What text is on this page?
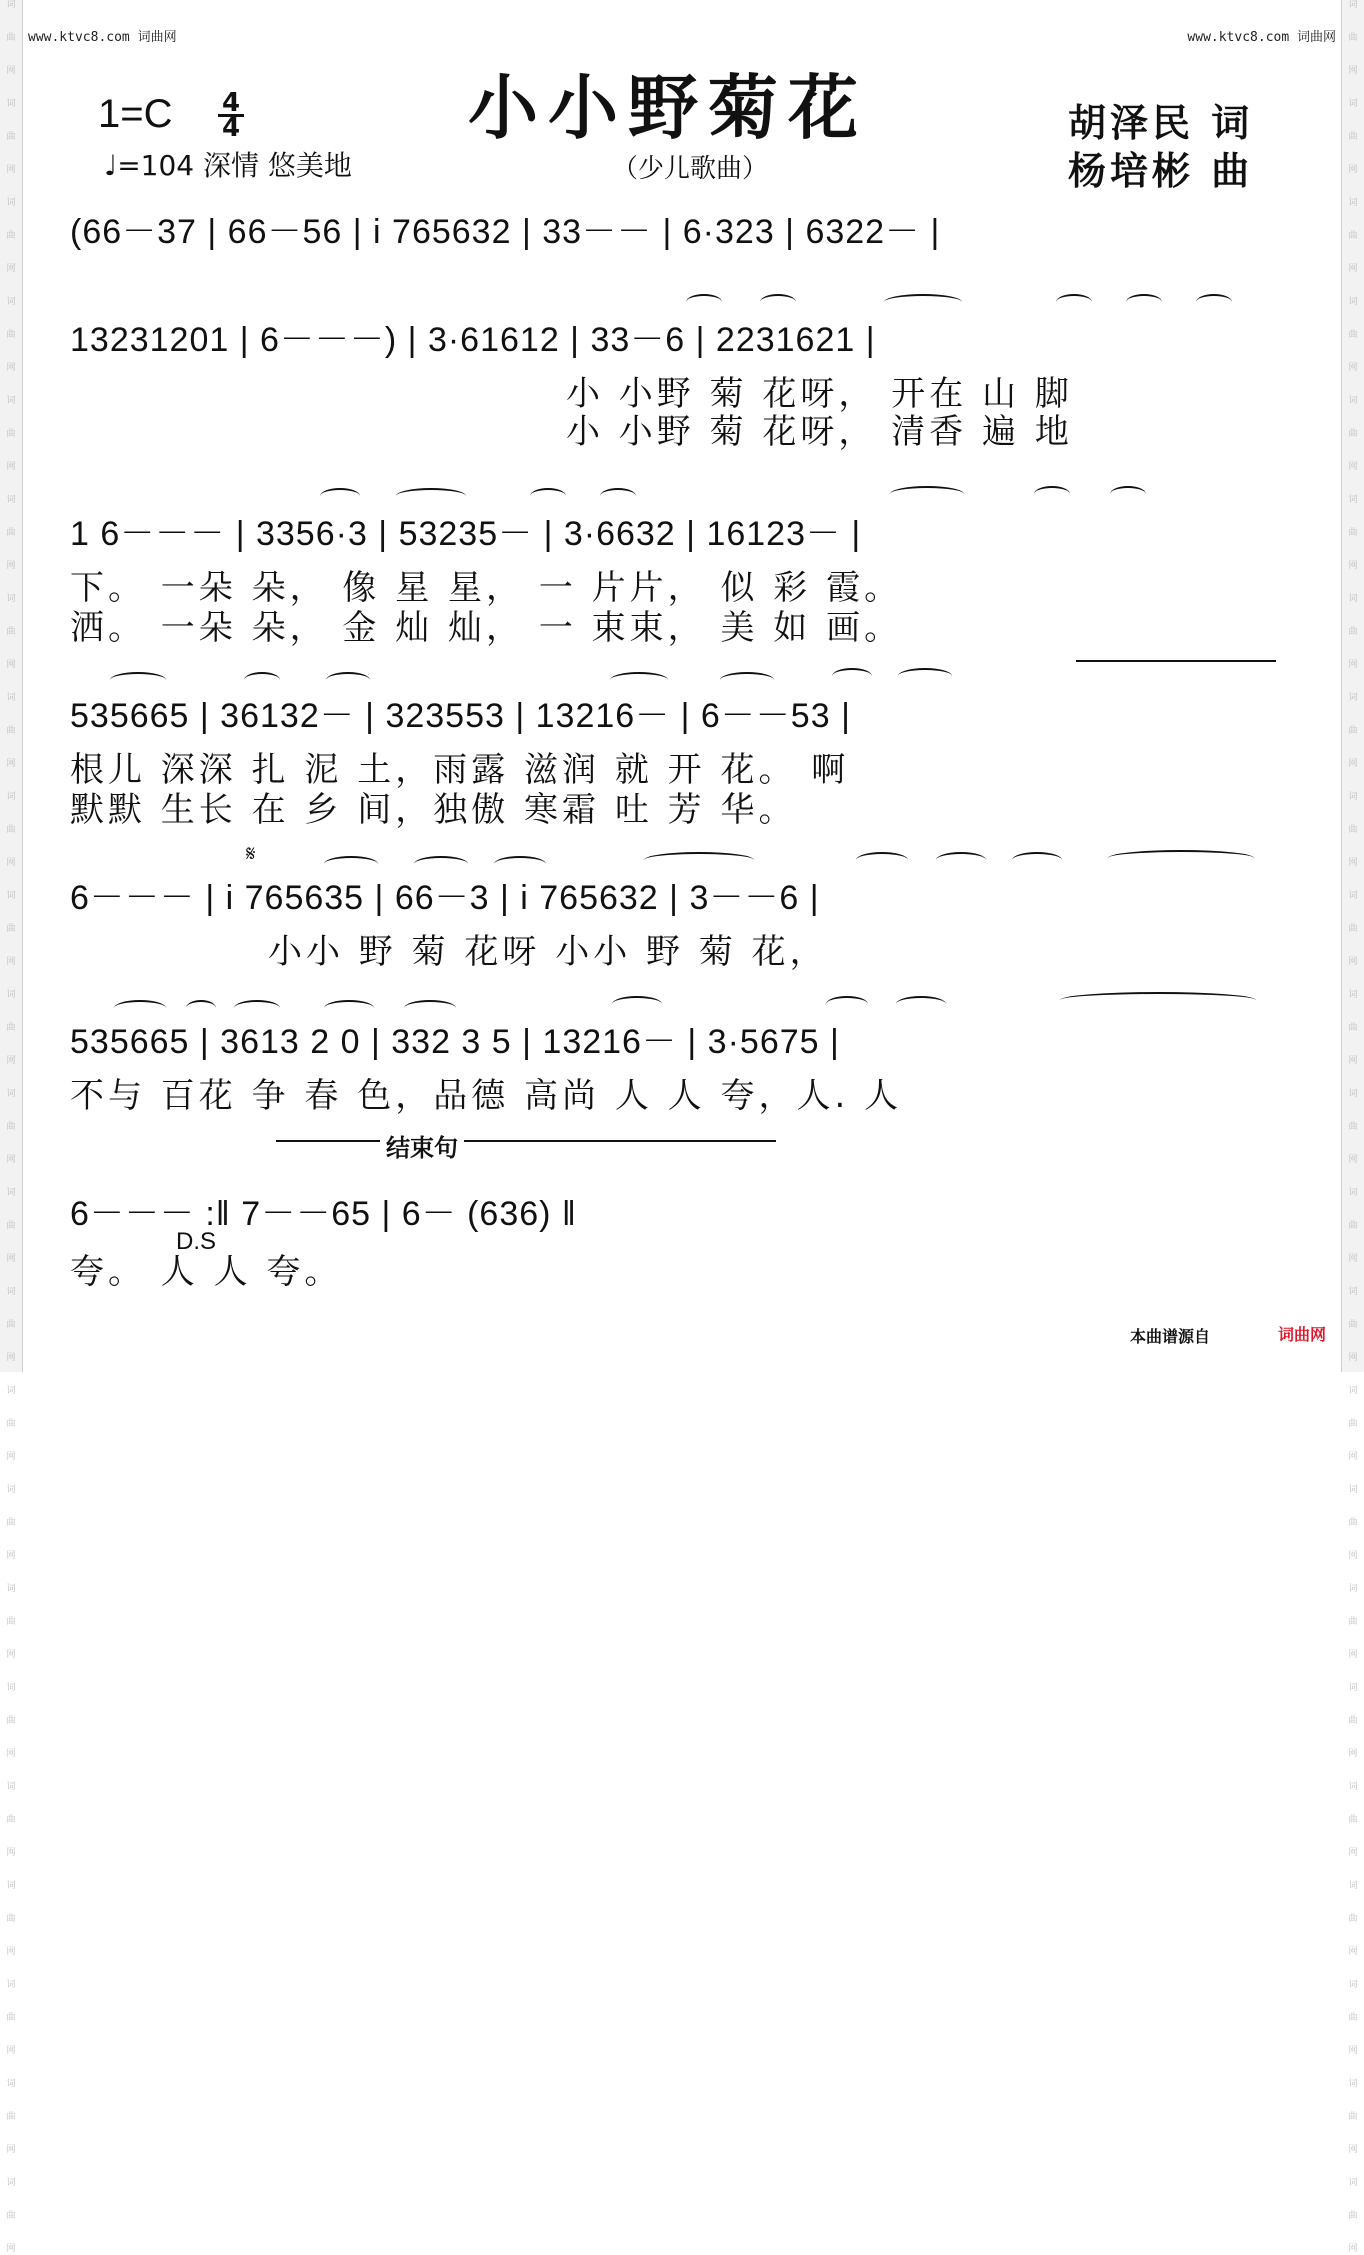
词
曲
网
词
曲
网
词
曲
网
词
曲
网
词
曲
网
词
曲
网
词
曲
网
词
曲
网
词
曲
网
词
曲
网
词
曲
网
词
曲
网
词
曲
网
词
曲
网
词
曲
网
词
曲
网
词
曲
网
词
曲
网
词
曲
网
词
曲
网
词
曲
网
词
曲
网
词
曲
网
词
曲
网
词
曲
网
词
曲
网
词
曲
网
词
曲
网
词
曲
网
词
曲
网
词
曲
网
词
曲
网
词
曲
网
词
曲
网
词
曲
网
词
曲
网
词
曲
网
词
曲
网
词
曲
网
词
曲
网
词
曲
网
词
曲
网
词
曲
网
词
曲
网
词
曲
网
词
曲
网
www.ktvc8.com 词曲网	www.ktvc8.com 词曲网
小小野菊花
（少儿歌曲）
1=C 4
4
♩=104 深情 悠美地
胡泽民 词
杨培彬 曲
(66－37 | 66－56 | i 765632 | 33－－ | 6·323 | 6322－ |
13231201 | 6－－－) | 3·61612 | 33－6 | 2231621 |
小 小野 菊 花呀， 开在 山 脚
小 小野 菊 花呀， 清香 遍 地
1 6－－－ | 3356·3 | 53235－ | 3·6632 | 16123－ |
下。 一朵 朵， 像 星 星， 一 片片， 似 彩 霞。
洒。 一朵 朵， 金 灿 灿， 一 束束， 美 如 画。
535665 | 36132－ | 323553 | 13216－ | 6－－53 |
根儿 深深 扎 泥 土，雨露 滋润 就 开 花。 啊
默默 生长 在 乡 间，独傲 寒霜 吐 芳 华。
𝄋
6－－－ | i 765635 | 66－3 | i 765632 | 3－－6 |
小小 野 菊 花呀 小小 野 菊 花，
535665 | 3613 2 0 | 332 3 5 | 13216－ | 3·5675 |
不与 百花 争 春 色，品德 高尚 人 人 夸，人. 人
结束句
6－－－ :‖ 7－－65 | 6－ (636) ‖
D.S
夸。 人 人 夸。
本曲谱源自	词曲网
